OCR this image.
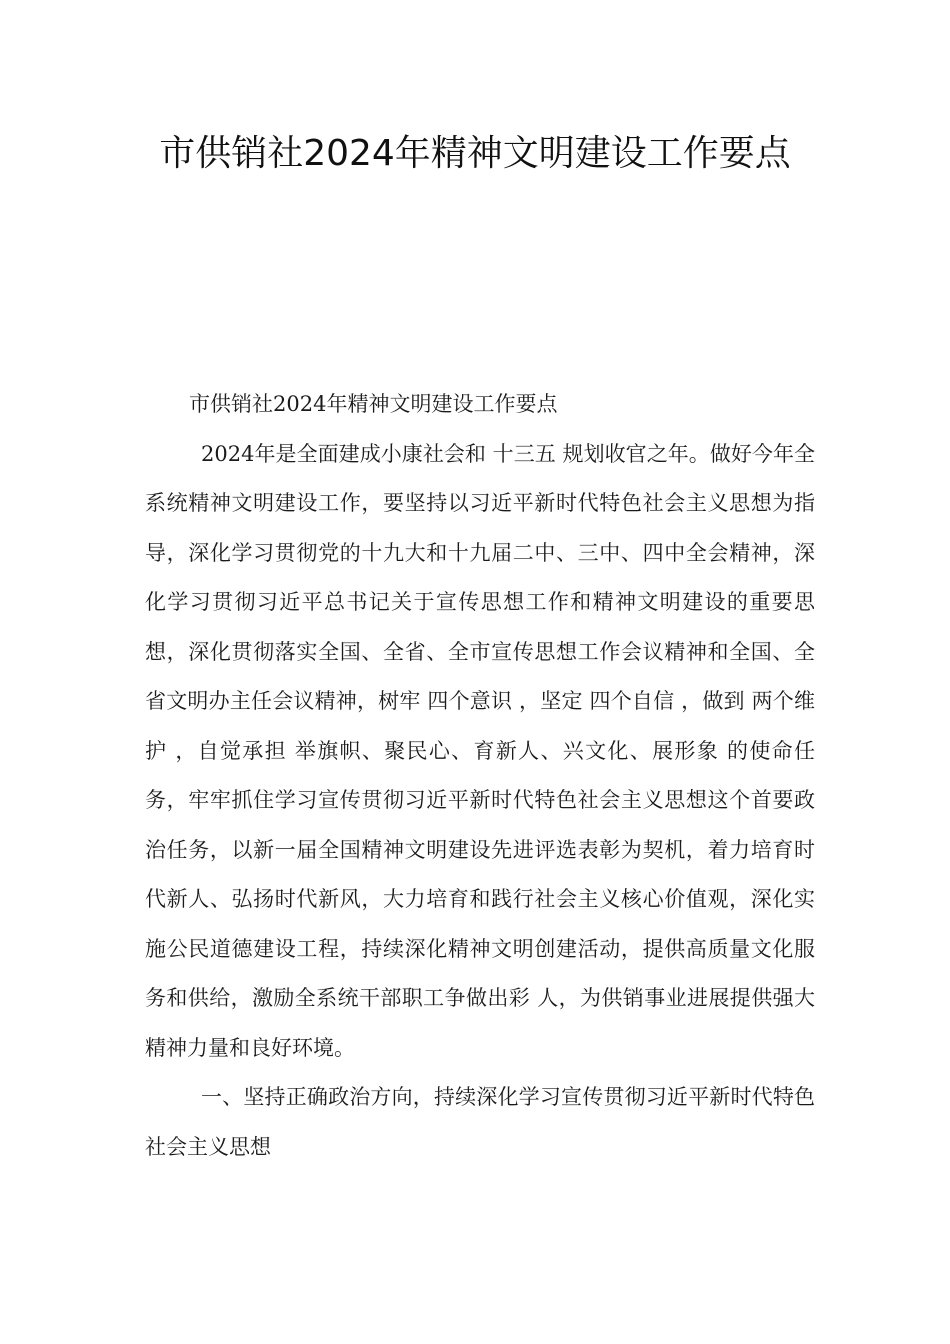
市供销社2024年精神文明建设工作要点

市供销社2024年精神文明建设工作要点

2024年是全面建成小康社会和 十三五 规划收官之年。做好今年全系统精神文明建设工作，要坚持以习近平新时代特色社会主义思想为指导，深化学习贯彻党的十九大和十九届二中、三中、四中全会精神，深化学习贯彻习近平总书记关于宣传思想工作和精神文明建设的重要思想，深化贯彻落实全国、全省、全市宣传思想工作会议精神和全国、全省文明办主任会议精神，树牢 四个意识 ，坚定 四个自信 ，做到 两个维护 ，自觉承担 举旗帜、聚民心、育新人、兴文化、展形象 的使命任务，牢牢抓住学习宣传贯彻习近平新时代特色社会主义思想这个首要政治任务，以新一届全国精神文明建设先进评选表彰为契机，着力培育时代新人、弘扬时代新风，大力培育和践行社会主义核心价值观，深化实施公民道德建设工程，持续深化精神文明创建活动，提供高质量文化服务和供给，激励全系统干部职工争做出彩 人，为供销事业进展提供强大精神力量和良好环境。

一、坚持正确政治方向，持续深化学习宣传贯彻习近平新时代特色社会主义思想
